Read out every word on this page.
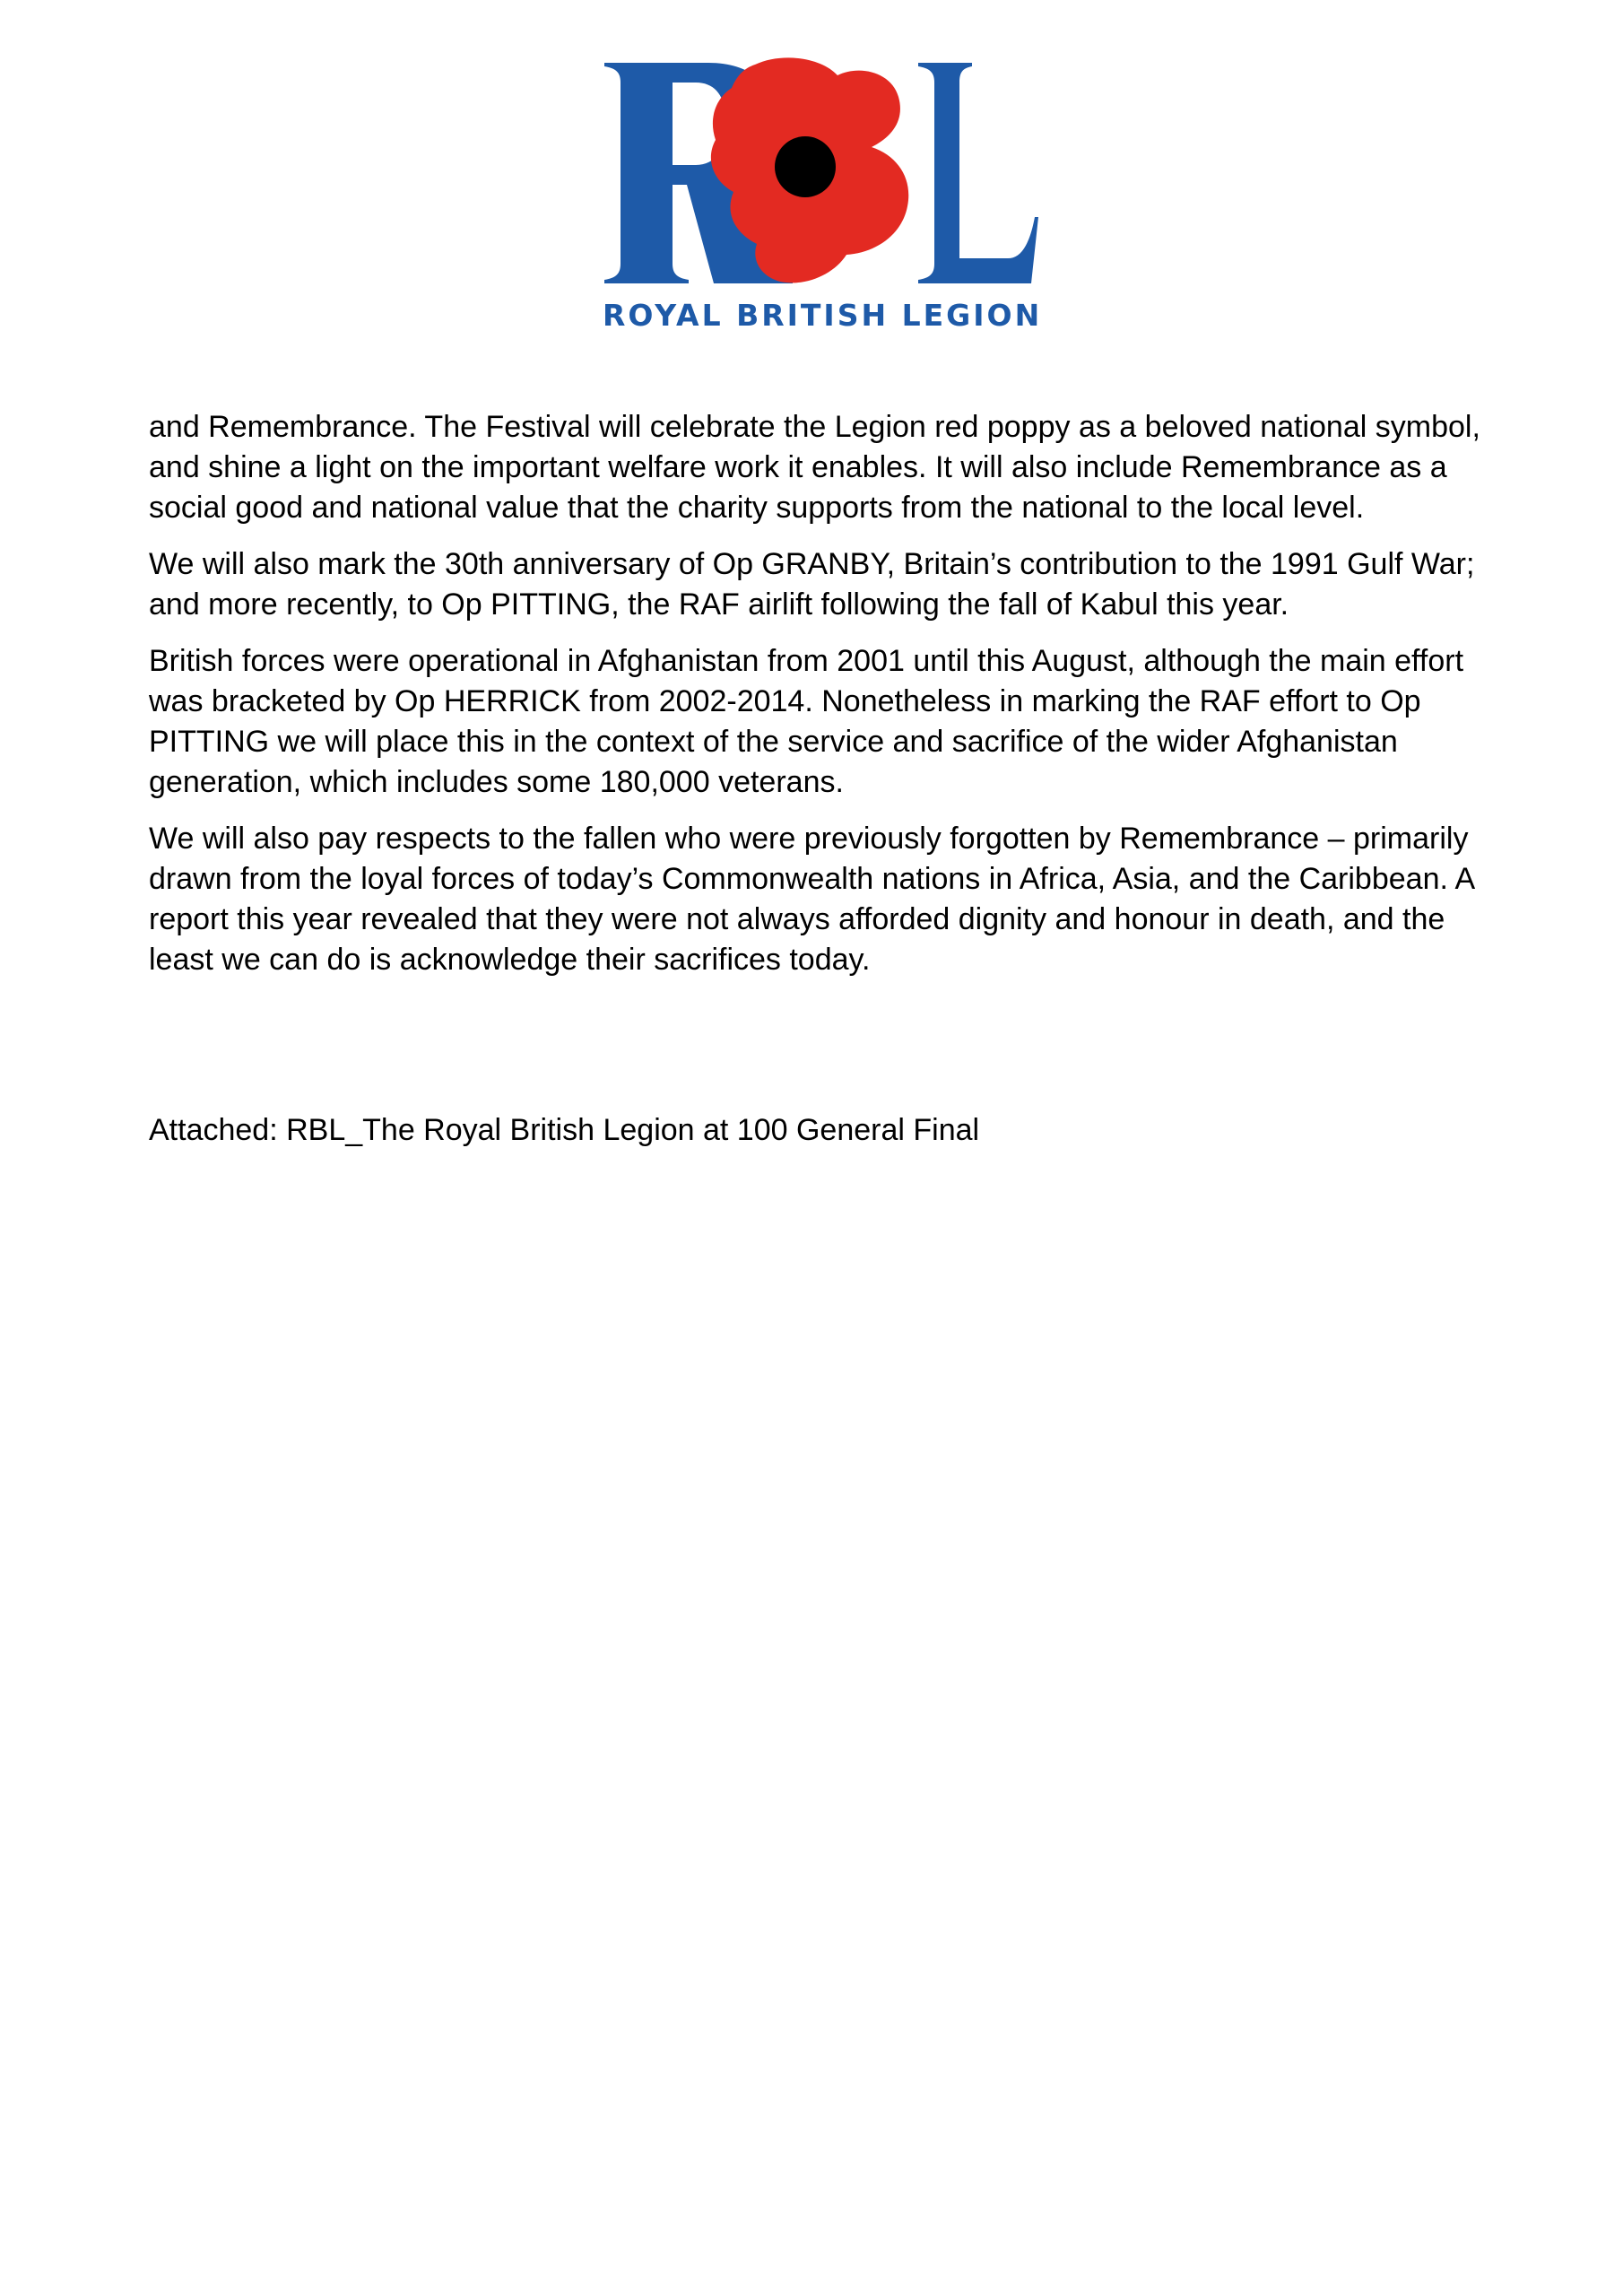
ROYAL BRITISH LEGION

and Remembrance. The Festival will celebrate the Legion red poppy as a beloved national symbol, and shine a light on the important welfare work it enables. It will also include Remembrance as a social good and national value that the charity supports from the national to the local level.

We will also mark the 30th anniversary of Op GRANBY, Britain’s contribution to the 1991 Gulf War; and more recently, to Op PITTING, the RAF airlift following the fall of Kabul this year.

British forces were operational in Afghanistan from 2001 until this August, although the main effort was bracketed by Op HERRICK from 2002-2014. Nonetheless in marking the RAF effort to Op PITTING we will place this in the context of the service and sacrifice of the wider Afghanistan generation, which includes some 180,000 veterans.

We will also pay respects to the fallen who were previously forgotten by Remembrance – primarily drawn from the loyal forces of today’s Commonwealth nations in Africa, Asia, and the Caribbean. A report this year revealed that they were not always afforded dignity and honour in death, and the least we can do is acknowledge their sacrifices today.

Attached: RBL_The Royal British Legion at 100 General Final
